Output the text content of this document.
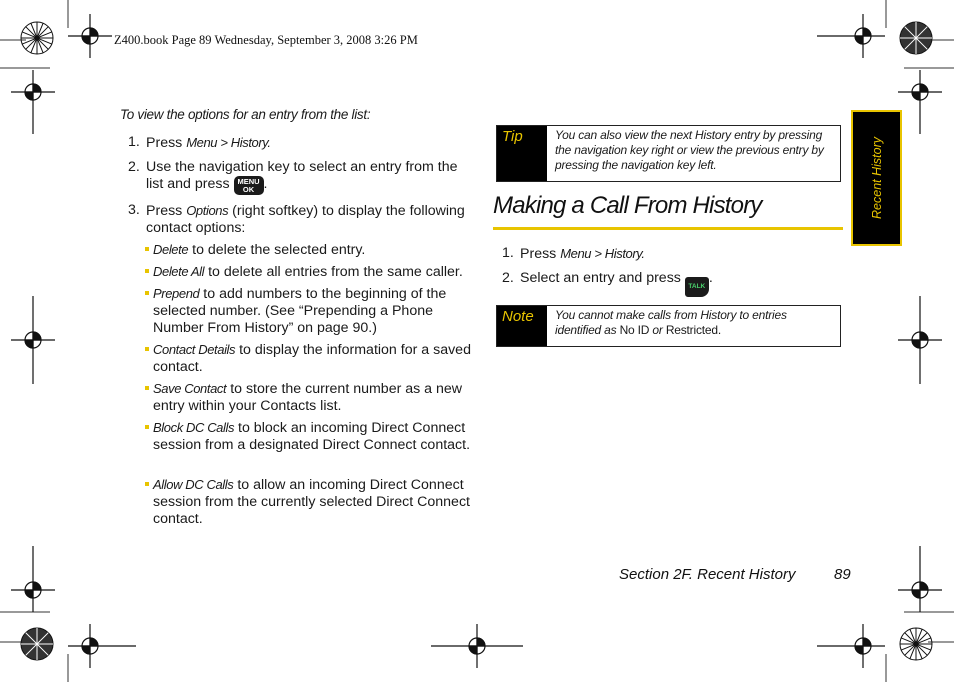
Z400.book Page 89 Wednesday, September 3, 2008 3:26 PM
To view the options for an entry from the list:
1. Press Menu > History.
2. Use the navigation key to select an entry from the list and press MENU OK .
3. Press Options (right softkey) to display the following contact options:
Delete to delete the selected entry.
Delete All to delete all entries from the same caller.
Prepend to add numbers to the beginning of the selected number. (See “Prepending a Phone Number From History” on page 90.)
Contact Details to display the information for a saved contact.
Save Contact to store the current number as a new entry within your Contacts list.
Block DC Calls to block an incoming Direct Connect session from a designated Direct Connect contact.
Allow DC Calls to allow an incoming Direct Connect session from the currently selected Direct Connect contact.
Tip	You can also view the next History entry by pressing the navigation key right or view the previous entry by pressing the navigation key left.
Making a Call From History
1. Press Menu > History.
2. Select an entry and press TALK.
Note	You cannot make calls from History to entries identified as No ID or Restricted.
Recent History
Section 2F. Recent History	89
